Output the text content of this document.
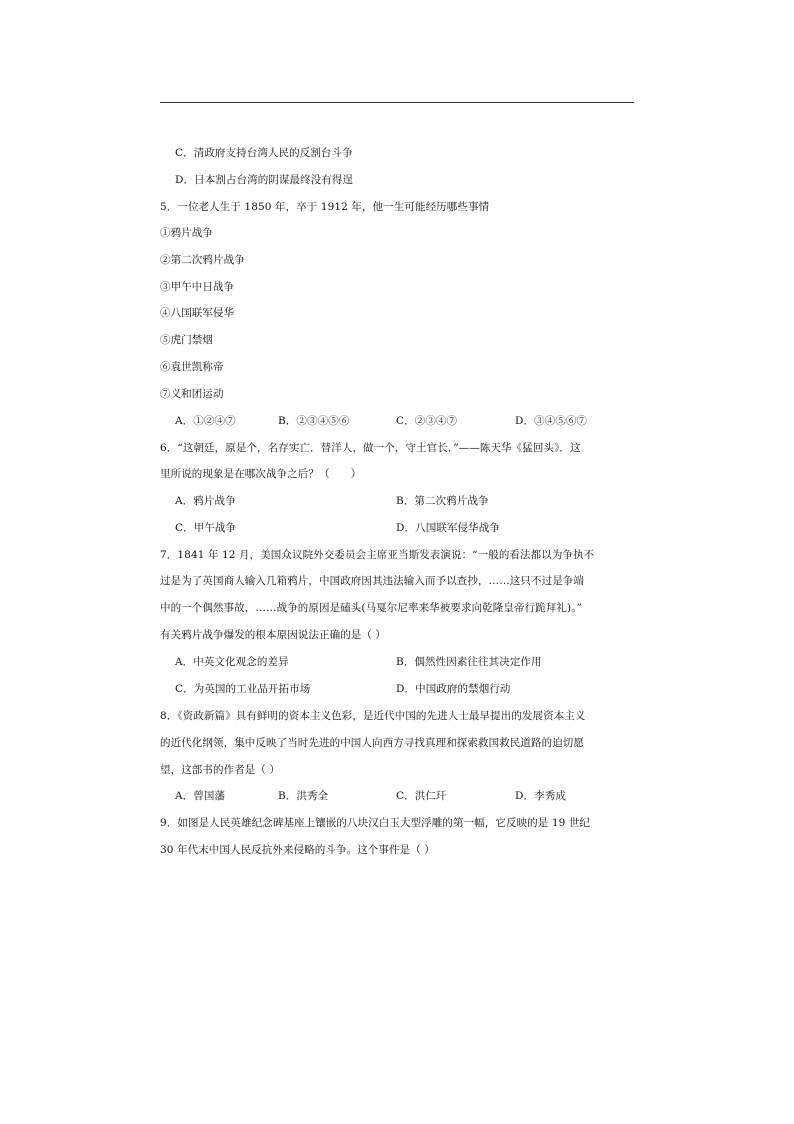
C．清政府支持台湾人民的反割台斗争
D．日本割占台湾的阴谋最终没有得逞
5．一位老人生于 1850 年，卒于 1912 年，他一生可能经历哪些事情
①鸦片战争
②第二次鸦片战争
③甲午中日战争
④八国联军侵华
⑤虎门禁烟
⑥袁世凯称帝
⑦义和团运动
A．①②④⑦	B．②③④⑤⑥	C．②③④⑦	D．③④⑤⑥⑦
6．“这朝廷，原是个，名存实亡．替洋人，做一个，守土官长．”——陈天华《猛回头》．这
里所说的现象是在哪次战争之后？（　　）
A．鸦片战争	B．第二次鸦片战争
C．甲午战争	D．八国联军侵华战争
7．1841 年 12 月，美国众议院外交委员会主席亚当斯发表演说：“一般的看法都以为争执不
过是为了英国商人输入几箱鸦片，中国政府因其违法输入而予以查抄，……这只不过是争端
中的一个偶然事故，……战争的原因是磕头(马戛尔尼率来华被要求向乾隆皇帝行跪拜礼)。”
有关鸦片战争爆发的根本原因说法正确的是（ ）
A．中英文化观念的差异	B．偶然性因素往往其决定作用
C．为英国的工业品开拓市场	D．中国政府的禁烟行动
8．《资政新篇》具有鲜明的资本主义色彩，是近代中国的先进人士最早提出的发展资本主义
的近代化纲领，集中反映了当时先进的中国人向西方寻找真理和探索救国救民道路的迫切愿
望，这部书的作者是（ ）
A．曾国藩	B．洪秀全	C．洪仁玕	D．李秀成
9．如图是人民英雄纪念碑基座上镶嵌的八块汉白玉大型浮雕的第一幅，它反映的是 19 世纪
30 年代末中国人民反抗外来侵略的斗争。这个事件是（ ）
